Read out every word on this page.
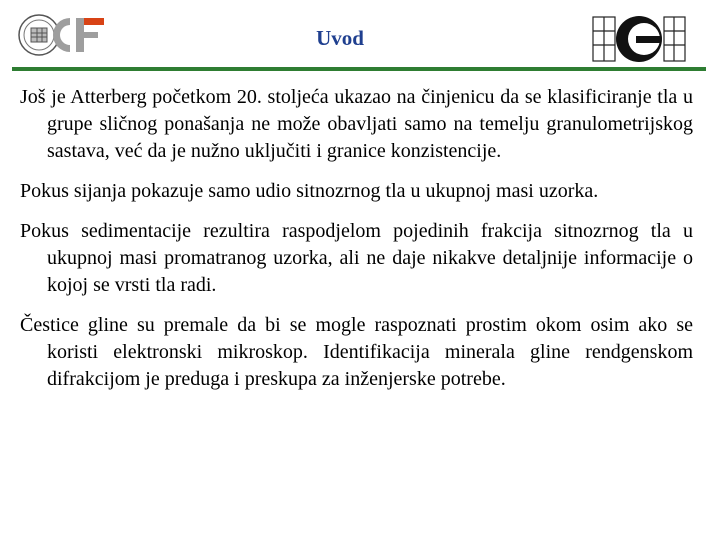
Uvod

Još je Atterberg početkom 20. stoljeća ukazao na činjenicu da se klasificiranje tla u grupe sličnog ponašanja ne može obavljati samo na temelju granulometrijskog sastava, već da je nužno uključiti i granice konzistencije.

Pokus sijanja pokazuje samo udio sitnozrnog tla u ukupnoj masi uzorka.

Pokus sedimentacije rezultira raspodjelom pojedinih frakcija sitnozrnog tla u ukupnoj masi promatranog uzorka, ali ne daje nikakve detaljnije informacije o kojoj se vrsti tla radi.

Čestice gline su premale da bi se mogle raspoznati prostim okom osim ako se koristi elektronski mikroskop. Identifikacija minerala gline rendgenskom difrakcijom je preduga i preskupa za inženjerske potrebe.
